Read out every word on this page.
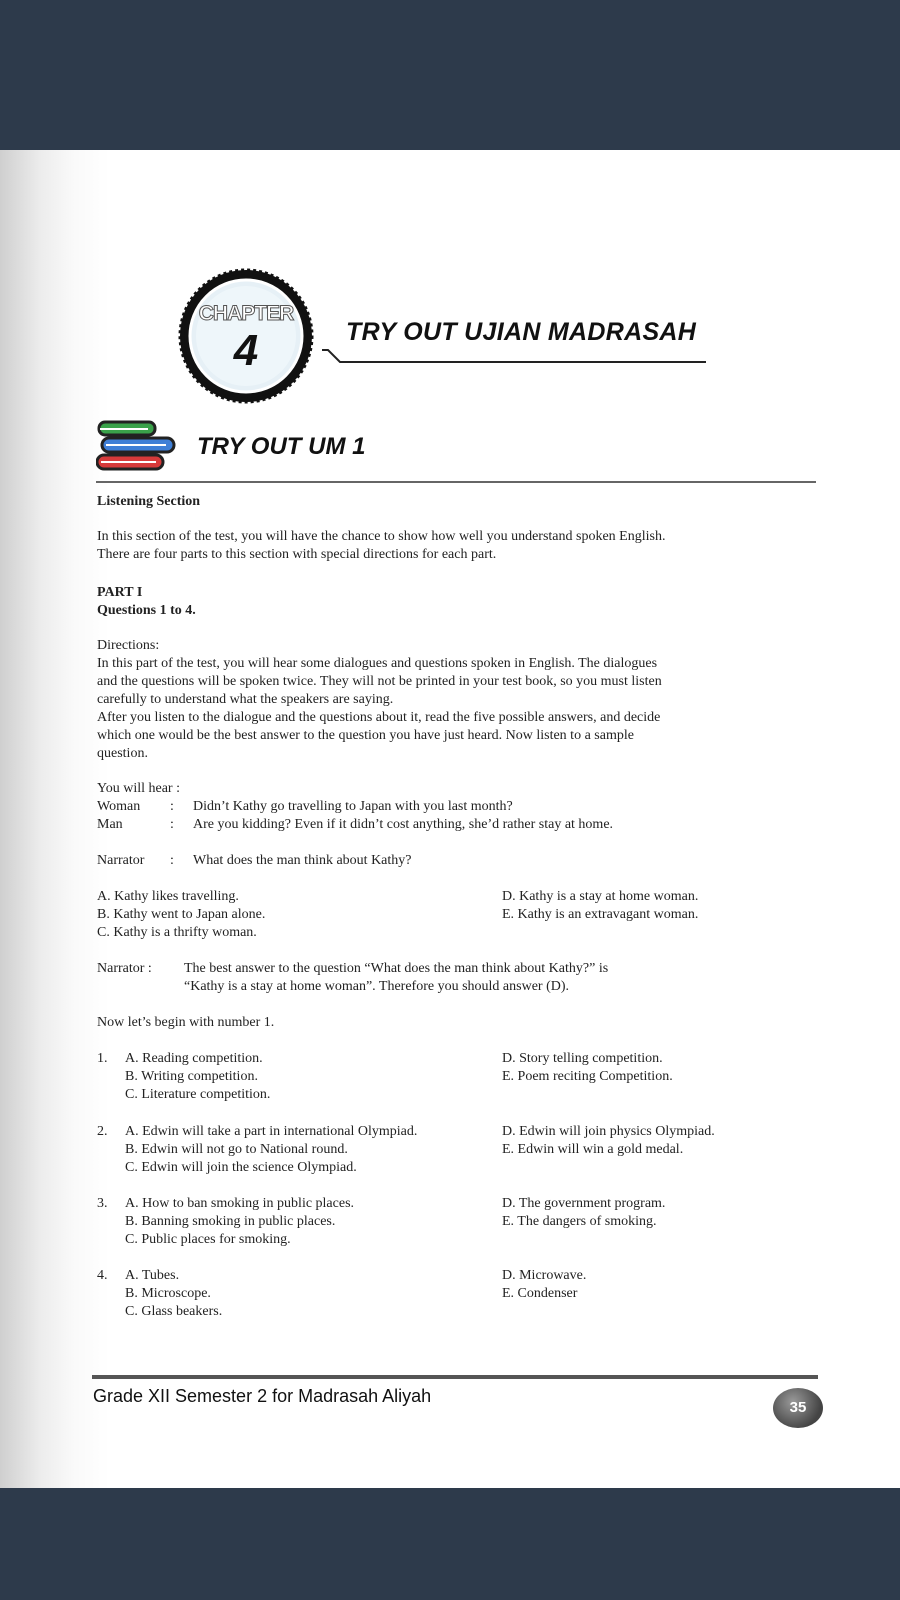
CHAPTER
4	TRY OUT UJIAN MADRASAH
TRY OUT UM 1
Listening Section
In this section of the test, you will have the chance to show how well you understand spoken English.
There are four parts to this section with special directions for each part.
PART I
Questions 1 to 4.
Directions:
In this part of the test, you will hear some dialogues and questions spoken in English. The dialogues
and the questions will be spoken twice. They will not be printed in your test book, so you must listen
carefully to understand what the speakers are saying.
After you listen to the dialogue and the questions about it, read the five possible answers, and decide
which one would be the best answer to the question you have just heard. Now listen to a sample
question.
You will hear :
Woman : Didn’t Kathy go travelling to Japan with you last month?
Man	: Are you kidding? Even if it didn’t cost anything, she’d rather stay at home.
Narrator : What does the man think about Kathy?
A. Kathy likes travelling.
B. Kathy went to Japan alone.
C. Kathy is a thrifty woman.
D. Kathy is a stay at home woman.
E. Kathy is an extravagant woman.
Narrator : The best answer to the question “What does the man think about Kathy?” is
“Kathy is a stay at home woman”. Therefore you should answer (D).
Now let’s begin with number 1.
1. A. Reading competition.
B. Writing competition.
C. Literature competition.
D. Story telling competition.
E. Poem reciting Competition.
2. A. Edwin will take a part in international Olympiad.
B. Edwin will not go to National round.
C. Edwin will join the science Olympiad.
D. Edwin will join physics Olympiad.
E. Edwin will win a gold medal.
3. A. How to ban smoking in public places.
B. Banning smoking in public places.
C. Public places for smoking.
D. The government program.
E. The dangers of smoking.
4. A. Tubes.
B. Microscope.
C. Glass beakers.
D. Microwave.
E. Condenser
Grade XII Semester 2 for Madrasah Aliyah
35
